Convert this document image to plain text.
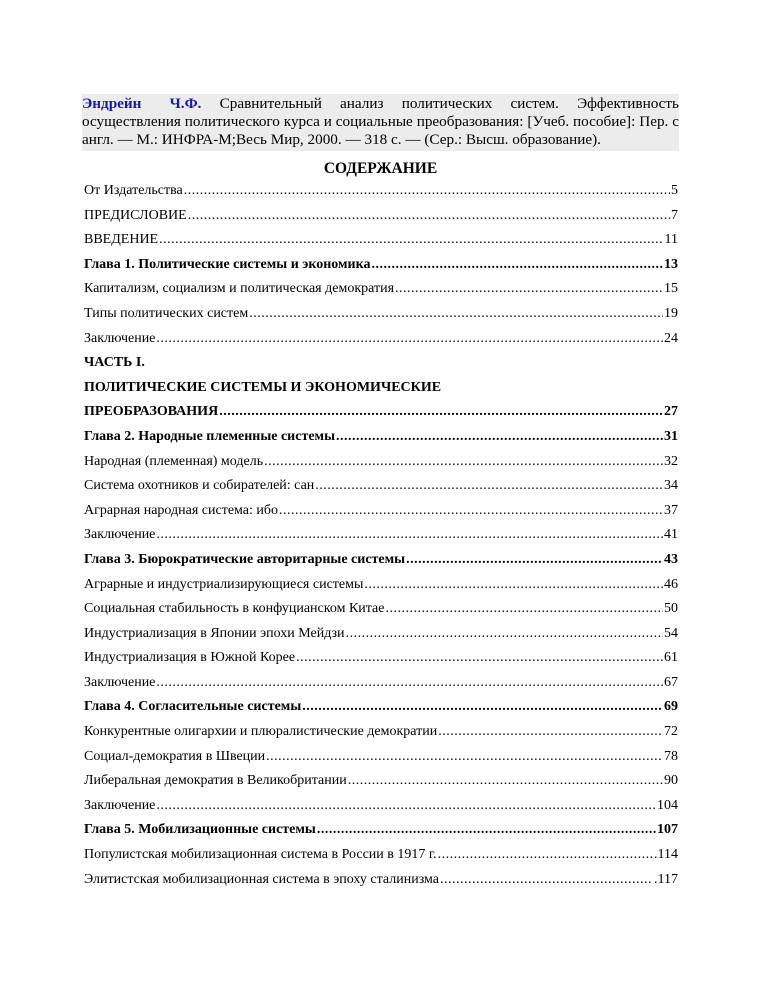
Эндрейн Ч.Ф. Сравнительный анализ политических систем. Эффективность осуществления политического курса и социальные преобразования: [Учеб. пособие]: Пер. с англ. — М.: ИНФРА-М;Весь Мир, 2000. — 318 с. — (Сер.: Высш. образование).
СОДЕРЖАНИЕ
От Издательства .....	5
ПРЕДИСЛОВИЕ .....	7
ВВЕДЕНИЕ .....	11
Глава 1. Политические системы и экономика .....	13
Капитализм, социализм и политическая демократия .....	15
Типы политических систем .....	19
Заключение .....	24
ЧАСТЬ I.
ПОЛИТИЧЕСКИЕ СИСТЕМЫ И ЭКОНОМИЧЕСКИЕ
ПРЕОБРАЗОВАНИЯ .....	27
Глава 2. Народные племенные системы .....	31
Народная (племенная) модель .....	32
Система охотников и собирателей: сан .....	34
Аграрная народная система: ибо .....	37
Заключение .....	41
Глава 3. Бюрократические авторитарные системы .....	43
Аграрные и индустриализирующиеся системы .....	46
Социальная стабильность в конфуцианском Китае .....	50
Индустриализация в Японии эпохи Мейдзи .....	54
Индустриализация в Южной Корее .....	61
Заключение .....	67
Глава 4. Согласительные системы .....	69
Конкурентные олигархии и плюралистические демократии .....	72
Социал-демократия в Швеции .....	78
Либеральная демократия в Великобритании .....	90
Заключение .....	104
Глава 5. Мобилизационные системы .....	107
Популистская мобилизационная система в России в 1917 г. .....	.114
Элитистская мобилизационная система в эпоху сталинизма .....	.117
